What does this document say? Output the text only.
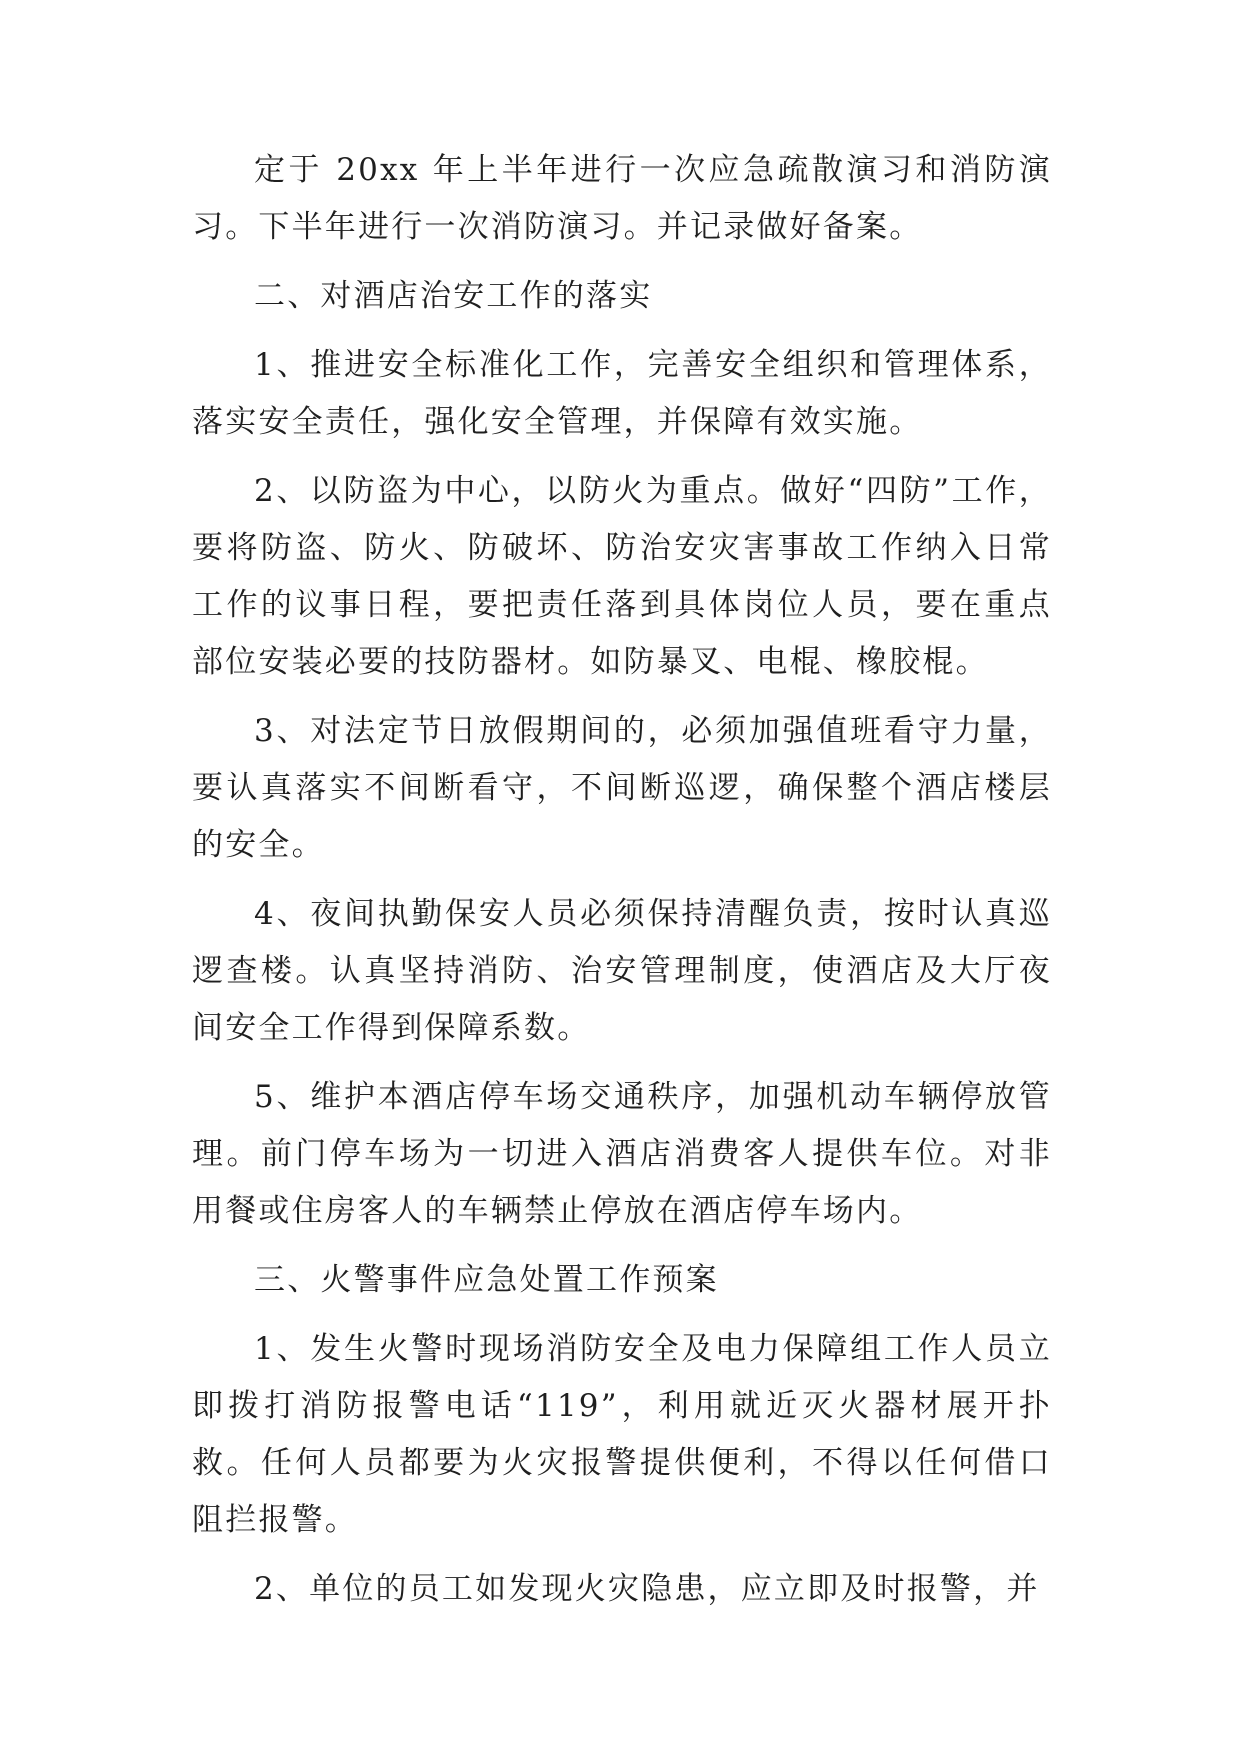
定于 20xx 年上半年进行一次应急疏散演习和消防演习。下半年进行一次消防演习。并记录做好备案。

二、对酒店治安工作的落实

1、推进安全标准化工作，完善安全组织和管理体系，落实安全责任，强化安全管理，并保障有效实施。

2、以防盗为中心，以防火为重点。做好“四防”工作，要将防盗、防火、防破坏、防治安灾害事故工作纳入日常工作的议事日程，要把责任落到具体岗位人员，要在重点部位安装必要的技防器材。如防暴叉、电棍、橡胶棍。

3、对法定节日放假期间的，必须加强值班看守力量，要认真落实不间断看守，不间断巡逻，确保整个酒店楼层的安全。

4、夜间执勤保安人员必须保持清醒负责，按时认真巡逻查楼。认真坚持消防、治安管理制度，使酒店及大厅夜间安全工作得到保障系数。

5、维护本酒店停车场交通秩序，加强机动车辆停放管理。前门停车场为一切进入酒店消费客人提供车位。对非用餐或住房客人的车辆禁止停放在酒店停车场内。

三、火警事件应急处置工作预案

1、发生火警时现场消防安全及电力保障组工作人员立即拨打消防报警电话“119”，利用就近灭火器材展开扑救。任何人员都要为火灾报警提供便利，不得以任何借口阻拦报警。

2、单位的员工如发现火灾隐患，应立即及时报警，并
